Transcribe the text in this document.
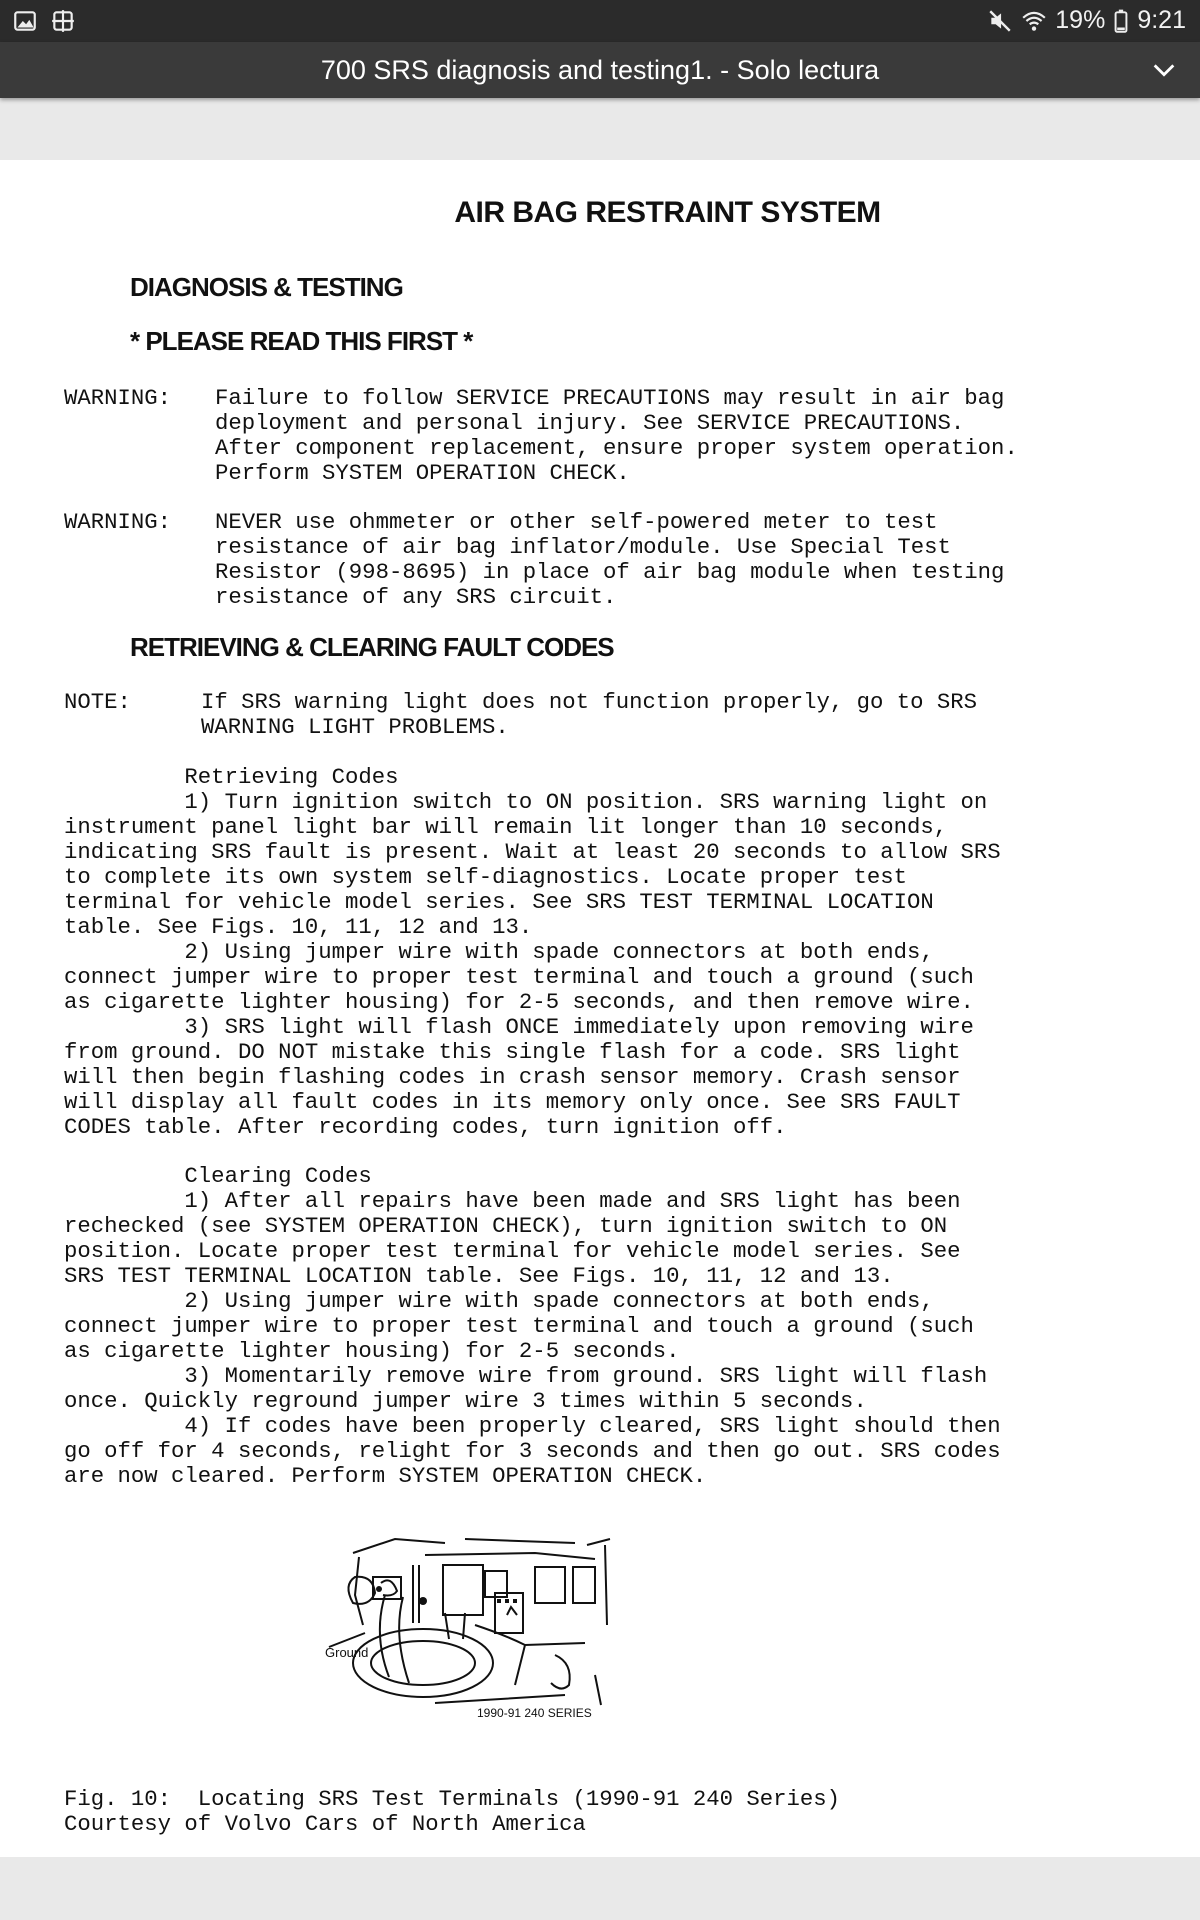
19% 9:21
700 SRS diagnosis and testing1. - Solo lectura
AIR BAG RESTRAINT SYSTEM
DIAGNOSIS & TESTING
* PLEASE READ THIS FIRST *
WARNING: Failure to follow SERVICE PRECAUTIONS may result in air bag
deployment and personal injury. See SERVICE PRECAUTIONS.
After component replacement, ensure proper system operation.
Perform SYSTEM OPERATION CHECK.
WARNING: NEVER use ohmmeter or other self-powered meter to test
resistance of air bag inflator/module. Use Special Test
Resistor (998-8695) in place of air bag module when testing
resistance of any SRS circuit.
RETRIEVING & CLEARING FAULT CODES
NOTE:	If SRS warning light does not function properly, go to SRS
WARNING LIGHT PROBLEMS.
Retrieving Codes
1) Turn ignition switch to ON position. SRS warning light on
instrument panel light bar will remain lit longer than 10 seconds,
indicating SRS fault is present. Wait at least 20 seconds to allow SRS
to complete its own system self-diagnostics. Locate proper test
terminal for vehicle model series. See SRS TEST TERMINAL LOCATION
table. See Figs. 10, 11, 12 and 13.
2) Using jumper wire with spade connectors at both ends,
connect jumper wire to proper test terminal and touch a ground (such
as cigarette lighter housing) for 2-5 seconds, and then remove wire.
3) SRS light will flash ONCE immediately upon removing wire
from ground. DO NOT mistake this single flash for a code. SRS light
will then begin flashing codes in crash sensor memory. Crash sensor
will display all fault codes in its memory only once. See SRS FAULT
CODES table. After recording codes, turn ignition off.
Clearing Codes
1) After all repairs have been made and SRS light has been
rechecked (see SYSTEM OPERATION CHECK), turn ignition switch to ON
position. Locate proper test terminal for vehicle model series. See
SRS TEST TERMINAL LOCATION table. See Figs. 10, 11, 12 and 13.
2) Using jumper wire with spade connectors at both ends,
connect jumper wire to proper test terminal and touch a ground (such
as cigarette lighter housing) for 2-5 seconds.
3) Momentarily remove wire from ground. SRS light will flash
once. Quickly reground jumper wire 3 times within 5 seconds.
4) If codes have been properly cleared, SRS light should then
go off for 4 seconds, relight for 3 seconds and then go out. SRS codes
are now cleared. Perform SYSTEM OPERATION CHECK.
Ground
1990-91 240 SERIES
Fig. 10:  Locating SRS Test Terminals (1990-91 240 Series)
Courtesy of Volvo Cars of North America
